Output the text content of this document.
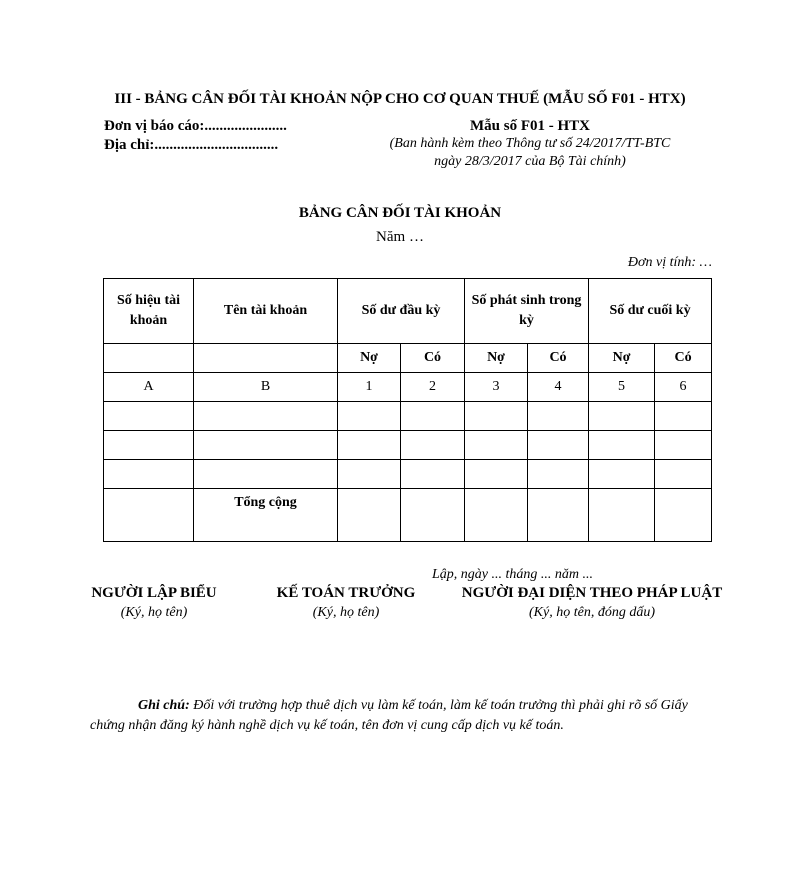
III - BẢNG CÂN ĐỐI TÀI KHOẢN NỘP CHO CƠ QUAN THUẾ (MẪU SỐ F01 - HTX)
Đơn vị báo cáo:......................
Địa chỉ:.................................
Mẫu số F01 - HTX
(Ban hành kèm theo Thông tư số 24/2017/TT-BTC
ngày 28/3/2017 của Bộ Tài chính)
BẢNG CÂN ĐỐI TÀI KHOẢN
Năm …
Đơn vị tính: …
Số hiệu tài khoản	Tên tài khoản	Số dư đầu kỳ		Số phát sinh trong kỳ		Số dư cuối kỳ	
		Nợ	Có	Nợ	Có	Nợ	Có
A	B	1	2	3	4	5	6

	Tổng cộng						
Lập, ngày ... tháng ... năm ...
NGƯỜI LẬP BIỂU	KẾ TOÁN TRƯỞNG	NGƯỜI ĐẠI DIỆN THEO PHÁP LUẬT
(Ký, họ tên)	(Ký, họ tên)	(Ký, họ tên, đóng dấu)
Ghi chú: Đối với trường hợp thuê dịch vụ làm kế toán, làm kế toán trưởng thì phải ghi rõ số Giấy chứng nhận đăng ký hành nghề dịch vụ kế toán, tên đơn vị cung cấp dịch vụ kế toán.
